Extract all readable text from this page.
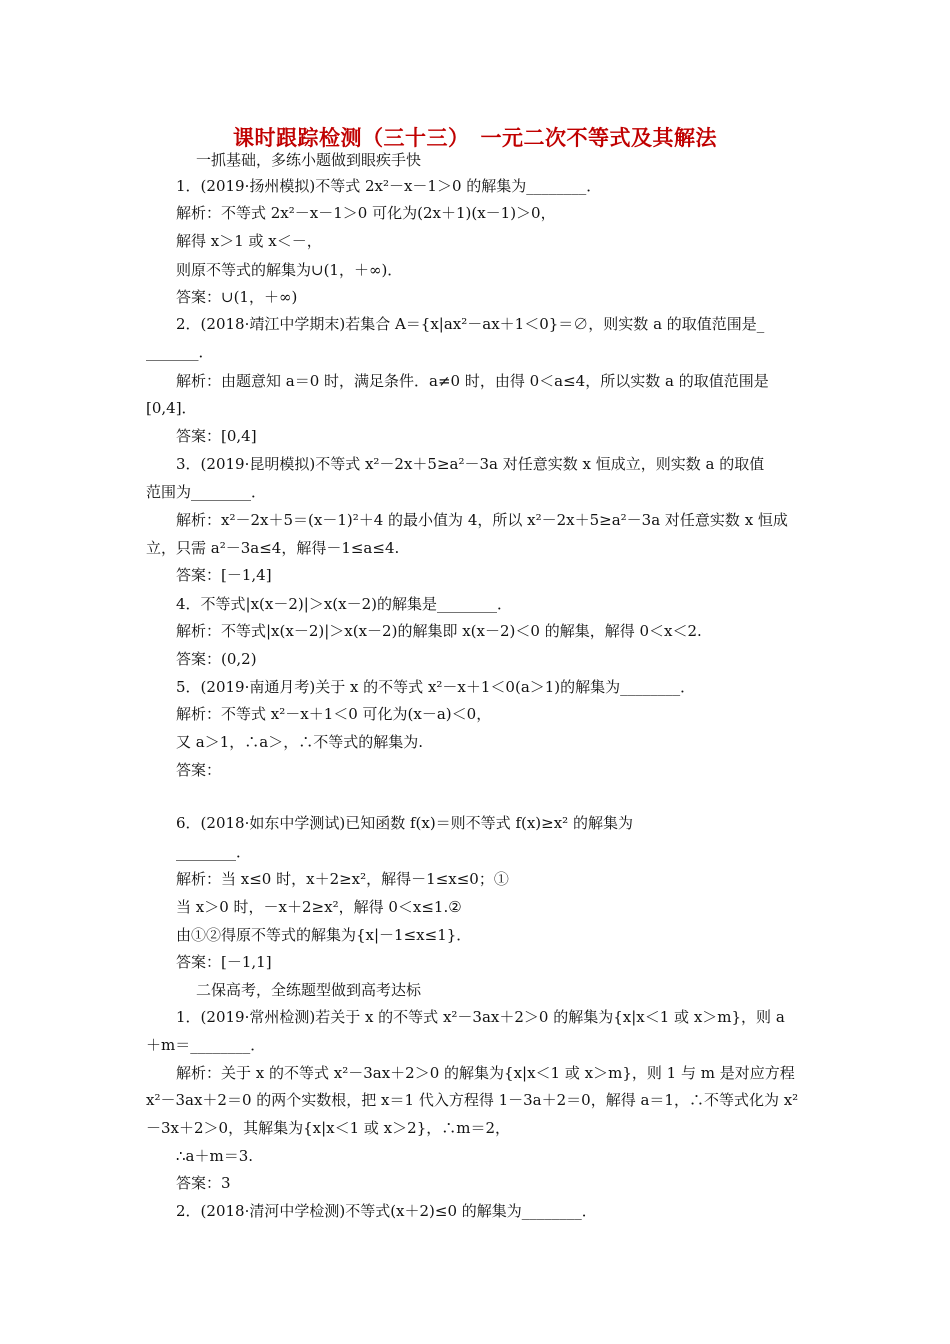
课时跟踪检测（三十三）　一元二次不等式及其解法
一抓基础，多练小题做到眼疾手快
1．(2019·扬州模拟)不等式 2x²－x－1＞0 的解集为________．
解析：不等式 2x²－x－1＞0 可化为(2x＋1)(x－1)＞0，
解得 x＞1 或 x＜－，
则原不等式的解集为∪(1，＋∞)．
答案：∪(1，＋∞)
2．(2018·靖江中学期末)若集合 A＝{x|ax²－ax＋1＜0}＝∅，则实数 a 的取值范围是_
_______．
解析：由题意知 a＝0 时，满足条件．a≠0 时，由得 0＜a≤4，所以实数 a 的取值范围是
[0,4]．
答案：[0,4]
3．(2019·昆明模拟)不等式 x²－2x＋5≥a²－3a 对任意实数 x 恒成立，则实数 a 的取值
范围为________．
解析：x²－2x＋5＝(x－1)²＋4 的最小值为 4，所以 x²－2x＋5≥a²－3a 对任意实数 x 恒成
立，只需 a²－3a≤4，解得－1≤a≤4.
答案：[－1,4]
4．不等式|x(x－2)|＞x(x－2)的解集是________．
解析：不等式|x(x－2)|＞x(x－2)的解集即 x(x－2)＜0 的解集，解得 0＜x＜2.
答案：(0,2)
5．(2019·南通月考)关于 x 的不等式 x²－x＋1＜0(a＞1)的解集为________．
解析：不等式 x²－x＋1＜0 可化为(x－a)＜0，
又 a＞1，∴a＞，∴不等式的解集为.
答案：
6．(2018·如东中学测试)已知函数 f(x)＝则不等式 f(x)≥x² 的解集为
________．
解析：当 x≤0 时，x＋2≥x²，解得－1≤x≤0；①
当 x＞0 时，－x＋2≥x²，解得 0＜x≤1.②
由①②得原不等式的解集为{x|－1≤x≤1}．
答案：[－1,1]
二保高考，全练题型做到高考达标
1．(2019·常州检测)若关于 x 的不等式 x²－3ax＋2＞0 的解集为{x|x＜1 或 x＞m}，则 a
＋m＝________．
解析：关于 x 的不等式 x²－3ax＋2＞0 的解集为{x|x＜1 或 x＞m}，则 1 与 m 是对应方程
x²－3ax＋2＝0 的两个实数根，把 x＝1 代入方程得 1－3a＋2＝0，解得 a＝1，∴不等式化为 x²
－3x＋2＞0，其解集为{x|x＜1 或 x＞2}，∴m＝2，
∴a＋m＝3.
答案：3
2．(2018·清河中学检测)不等式(x＋2)≤0 的解集为________．
